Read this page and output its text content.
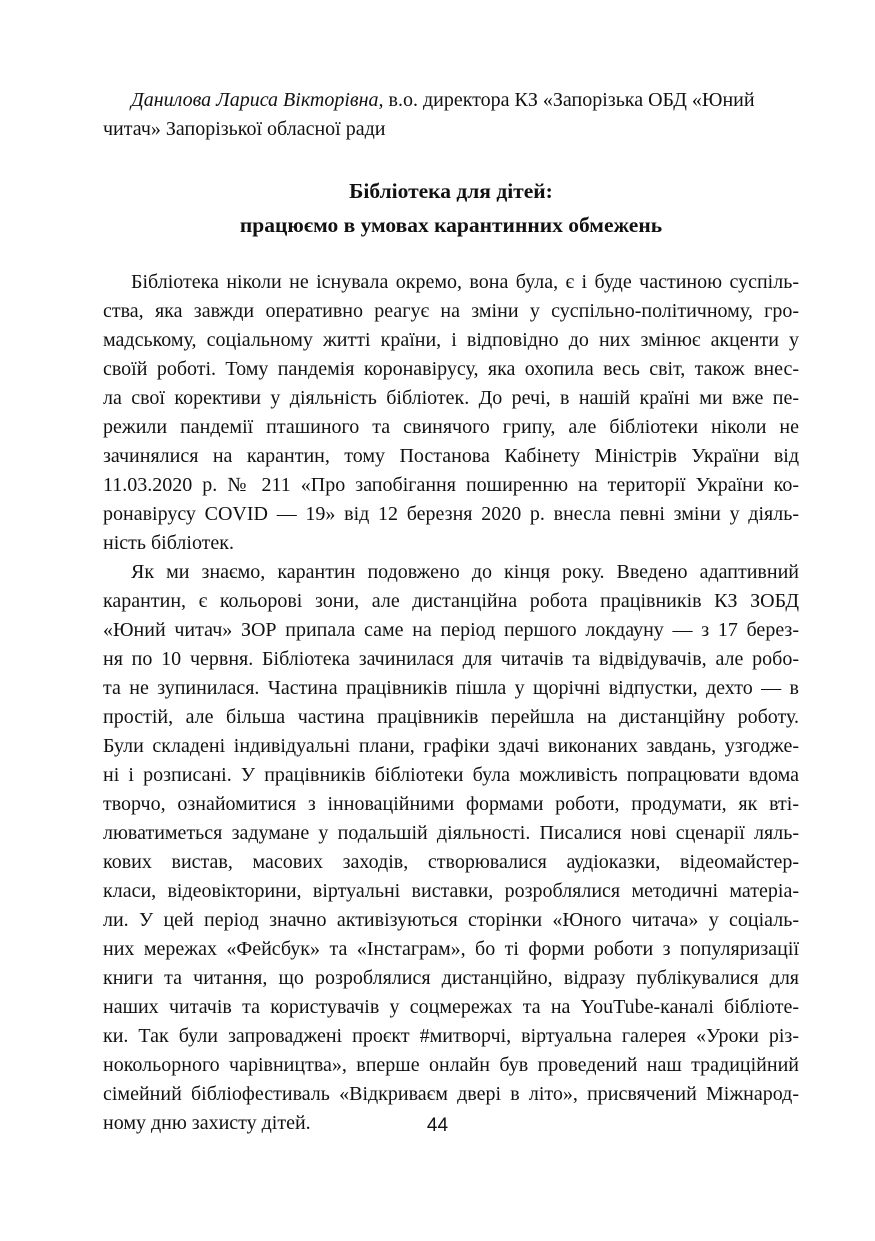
Данилова Лариса Вікторівна, в.о. директора КЗ «Запорізька ОБД «Юний
читач» Запорізької обласної ради

Бібліотека для дітей:
працюємо в умовах карантинних обмежень
Бібліотека ніколи не існувала окремо, вона була, є і буде частиною суспіль-
ства, яка завжди оперативно реагує на зміни у суспільно-політичному, гро-
мадському, соціальному житті країни, і відповідно до них змінює акценти у
своїй роботі. Тому пандемія коронавірусу, яка охопила весь світ, також внес-
ла свої корективи у діяльність бібліотек. До речі, в нашій країні ми вже пе-
режили пандемії пташиного та свинячого грипу, але бібліотеки ніколи не
зачинялися на карантин, тому Постанова Кабінету Міністрів України від
11.03.2020 р. № 211 «Про запобігання поширенню на території України ко-
ронавірусу COVID — 19» від 12 березня 2020 р. внесла певні зміни у діяль-
ність бібліотек.
Як ми знаємо, карантин подовжено до кінця року. Введено адаптивний
карантин, є кольорові зони, але дистанційна робота працівників КЗ ЗОБД
«Юний читач» ЗОР припала саме на період першого локдауну — з 17 берез-
ня по 10 червня. Бібліотека зачинилася для читачів та відвідувачів, але робо-
та не зупинилася. Частина працівників пішла у щорічні відпустки, дехто — в
простій, але більша частина працівників перейшла на дистанційну роботу.
Були складені індивідуальні плани, графіки здачі виконаних завдань, узгодже-
ні і розписані. У працівників бібліотеки була можливість попрацювати вдома
творчо, ознайомитися з інноваційними формами роботи, продумати, як вті-
люватиметься задумане у подальшій діяльності. Писалися нові сценарії ляль-
кових вистав, масових заходів, створювалися аудіоказки, відеомайстер-
класи, відеовікторини, віртуальні виставки, розроблялися методичні матеріа-
ли. У цей період значно активізуються сторінки «Юного читача» у соціаль-
них мережах «Фейсбук» та «Інстаграм», бо ті форми роботи з популяризації
книги та читання, що розроблялися дистанційно, відразу публікувалися для
наших читачів та користувачів у соцмережах та на YouTube-каналі бібліоте-
ки. Так були запроваджені проєкт #митворчі, віртуальна галерея «Уроки різ-
нокольорного чарівництва», вперше онлайн був проведений наш традиційний
сімейний бібліофестиваль «Відкриваєм двері в літо», присвячений Міжнарод-
ному дню захисту дітей.	44
